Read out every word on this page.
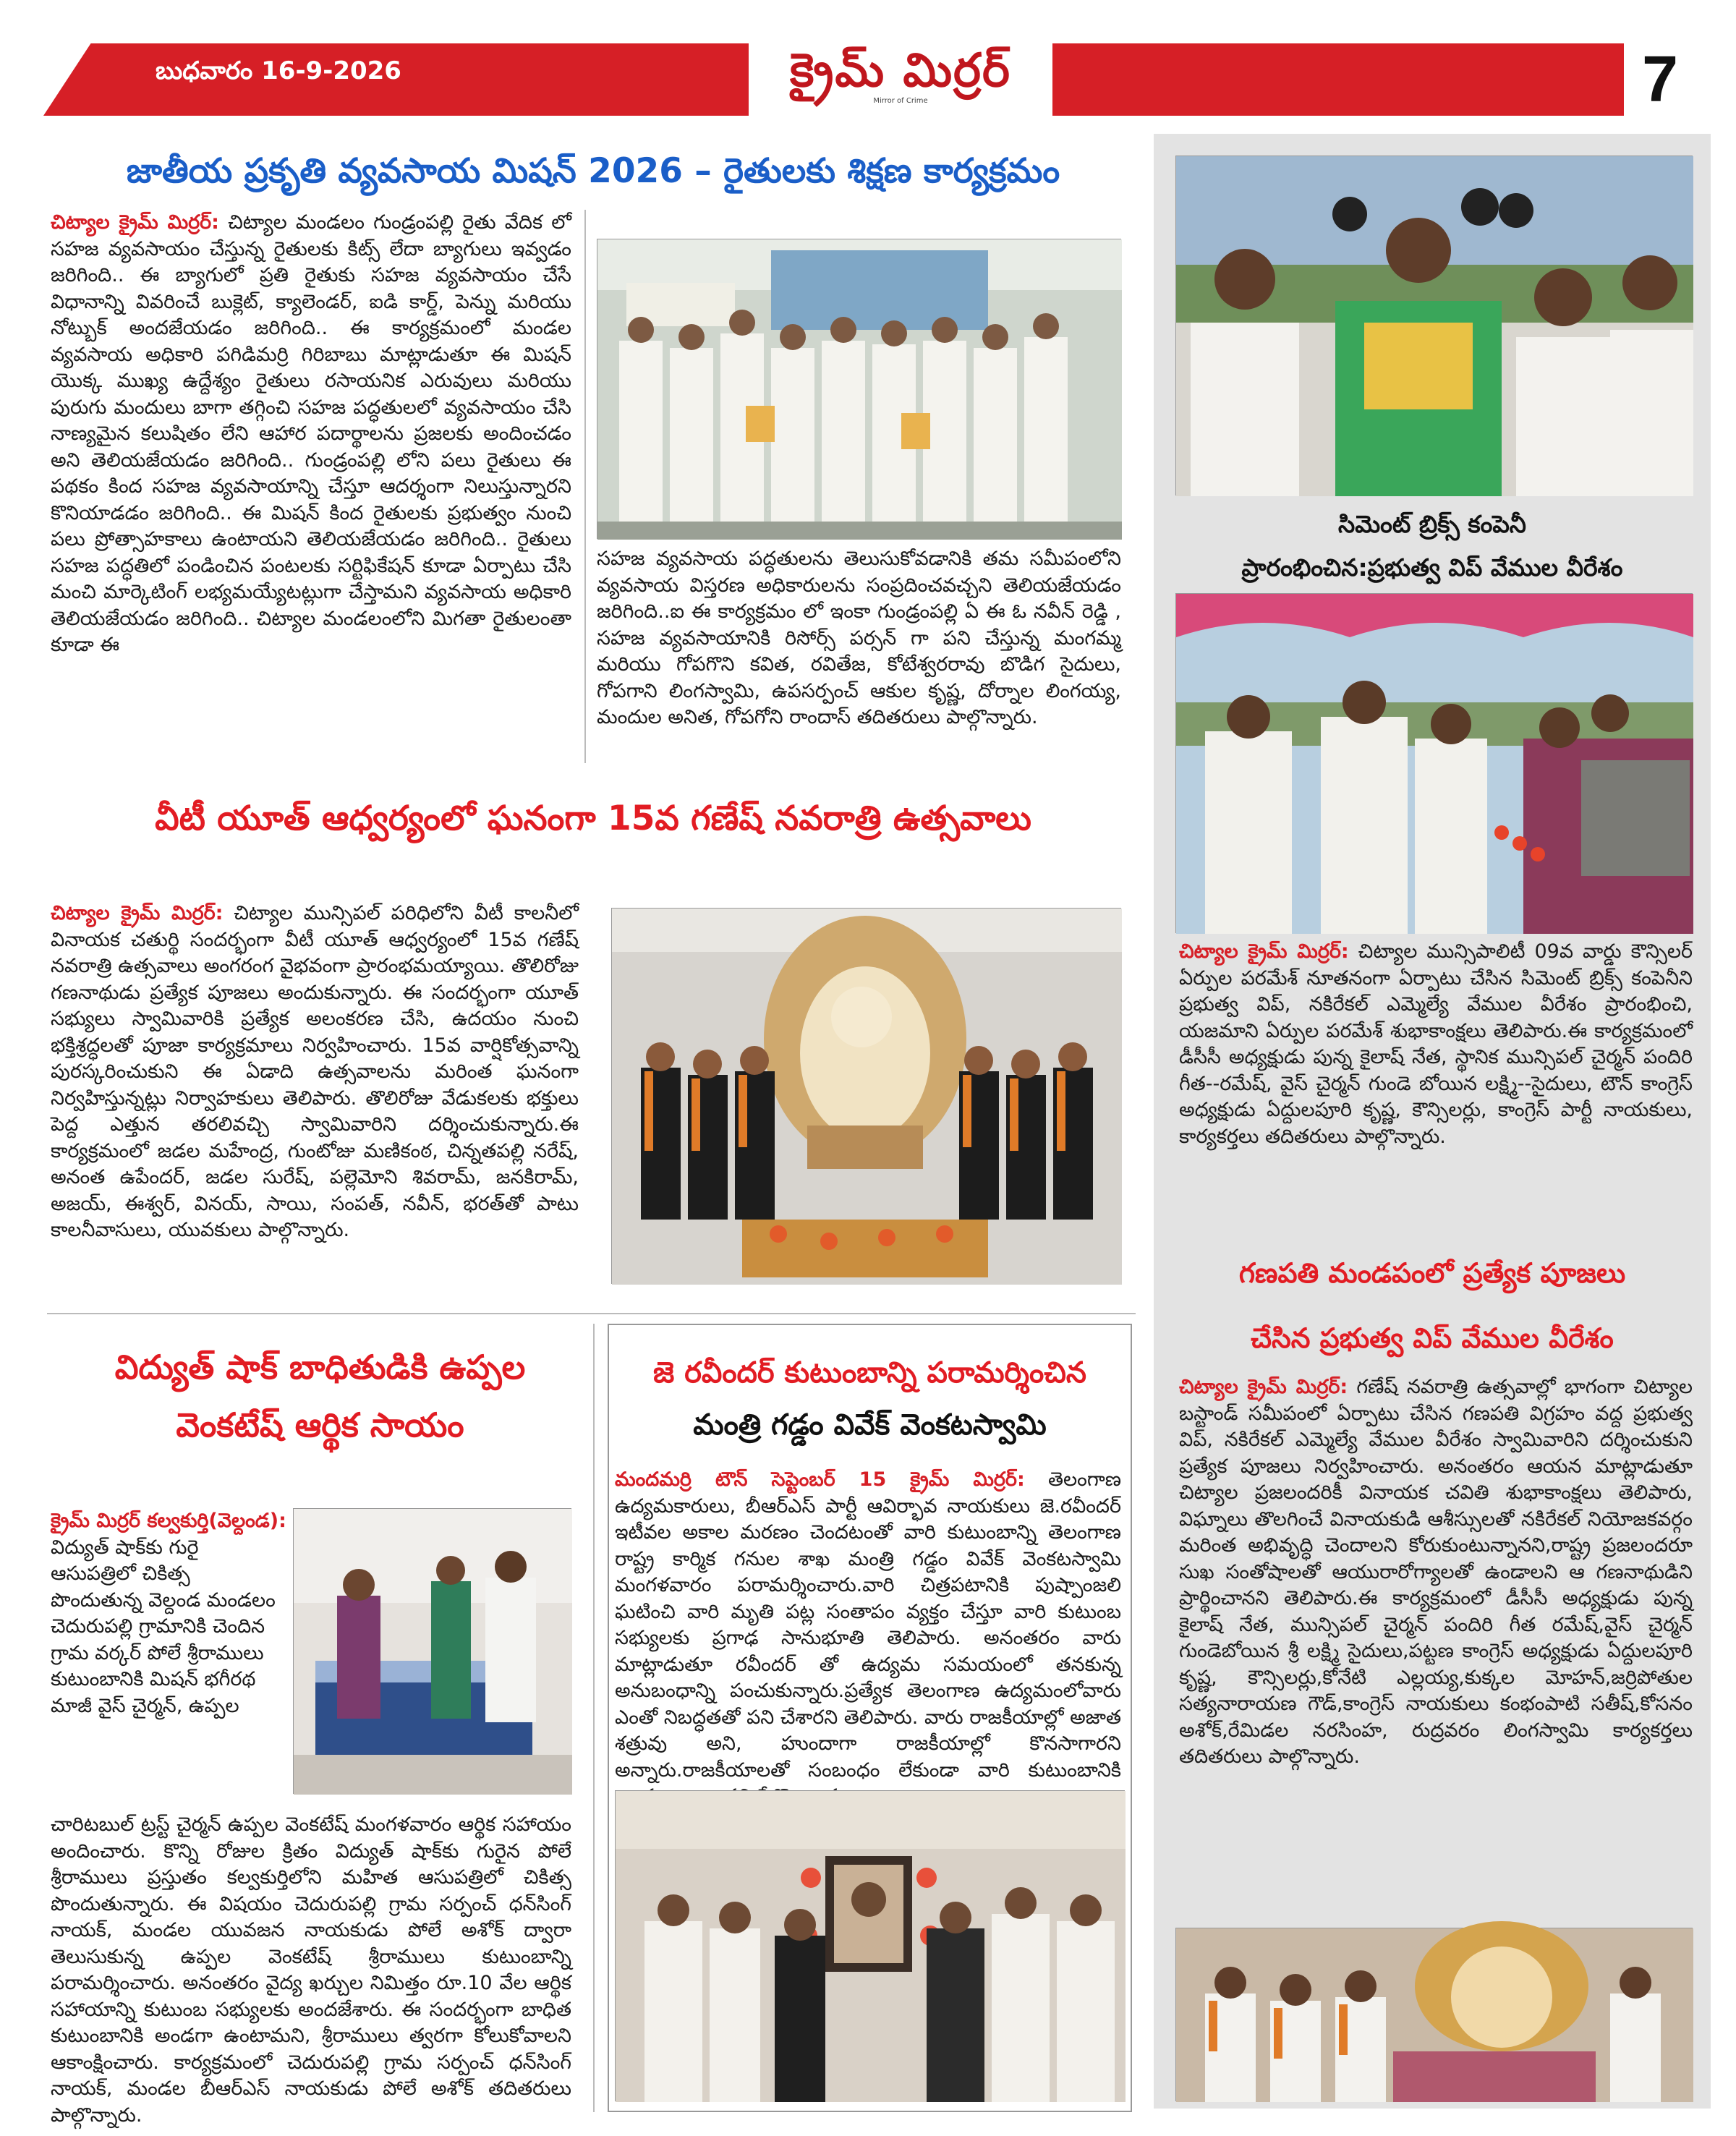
బుధవారం 16-9-2026	క్రైమ్‌ మిర్రర్
Mirror of Crime	7
జాతీయ ప్రకృతి వ్యవసాయ మిషన్ 2026 – రైతులకు శిక్షణ కార్యక్రమం
చిట్యాల క్రైమ్ మిర్రర్: చిట్యాల మండలం గుండ్రంపల్లి రైతు వేదిక లో సహజ వ్యవసాయం చేస్తున్న రైతులకు కిట్స్ లేదా బ్యాగులు ఇవ్వడం జరిగింది.. ఈ బ్యాగులో ప్రతి రైతుకు సహజ వ్యవసాయం చేసే విధానాన్ని వివరించే బుక్లెట్, క్యాలెండర్, ఐడి కార్డ్, పెన్ను మరియు నోట్బుక్ అందజేయడం జరిగింది.. ఈ కార్యక్రమంలో మండల వ్యవసాయ అధికారి పగిడిమర్రి గిరిబాబు మాట్లాడుతూ ఈ మిషన్ యొక్క ముఖ్య ఉద్దేశ్యం రైతులు రసాయనిక ఎరువులు మరియు పురుగు మందులు బాగా తగ్గించి సహజ పద్ధతులలో వ్యవసాయం చేసి నాణ్యమైన కలుషితం లేని ఆహార పదార్థాలను ప్రజలకు అందించడం అని తెలియజేయడం జరిగింది.. గుండ్రంపల్లి లోని పలు రైతులు ఈ పథకం కింద సహజ వ్యవసాయాన్ని చేస్తూ ఆదర్శంగా నిలుస్తున్నారని కొనియాడడం జరిగింది.. ఈ మిషన్ కింద రైతులకు ప్రభుత్వం నుంచి పలు ప్రోత్సాహకాలు ఉంటాయని తెలియజేయడం జరిగింది.. రైతులు సహజ పద్ధతిలో పండించిన పంటలకు సర్టిఫికేషన్ కూడా ఏర్పాటు చేసి మంచి మార్కెటింగ్ లభ్యమయ్యేటట్లుగా చేస్తామని వ్యవసాయ అధికారి తెలియజేయడం జరిగింది.. చిట్యాల మండలంలోని మిగతా రైతులంతా కూడా ఈ
సహజ వ్యవసాయ పద్ధతులను తెలుసుకోవడానికి తమ సమీపంలోని వ్యవసాయ విస్తరణ అధికారులను సంప్రదించవచ్చని తెలియజేయడం జరిగింది..ఐ ఈ కార్యక్రమం లో ఇంకా గుండ్రంపల్లి ఏ ఈ ఓ నవీన్ రెడ్డి , సహజ వ్యవసాయానికి రిసోర్స్ పర్సన్ గా పని చేస్తున్న మంగమ్మ మరియు గోపగొని కవిత, రవితేజ, కోటేశ్వరరావు బొడిగ సైదులు, గోపగాని లింగస్వామి, ఉపసర్పంచ్ ఆకుల కృష్ణ, దోర్నాల లింగయ్య, మందుల అనిత, గోపగోని రాందాస్ తదితరులు పాల్గొన్నారు.
వీటీ యూత్ ఆధ్వర్యంలో ఘనంగా 15వ గణేష్ నవరాత్రి ఉత్సవాలు
చిట్యాల క్రైమ్ మిర్రర్: చిట్యాల మున్సిపల్ పరిధిలోని వీటీ కాలనీలో వినాయక చతుర్థి సందర్భంగా వీటీ యూత్ ఆధ్వర్యంలో 15వ గణేష్ నవరాత్రి ఉత్సవాలు అంగరంగ వైభవంగా ప్రారంభమయ్యాయి. తొలిరోజు గణనాథుడు ప్రత్యేక పూజలు అందుకున్నారు. ఈ సందర్భంగా యూత్ సభ్యులు స్వామివారికి ప్రత్యేక అలంకరణ చేసి, ఉదయం నుంచి భక్తిశ్రద్ధలతో పూజా కార్యక్రమాలు నిర్వహించారు. 15వ వార్షికోత్సవాన్ని పురస్కరించుకుని ఈ ఏడాది ఉత్సవాలను మరింత ఘనంగా నిర్వహిస్తున్నట్లు నిర్వాహకులు తెలిపారు. తొలిరోజు వేడుకలకు భక్తులు పెద్ద ఎత్తున తరలివచ్చి స్వామివారిని దర్శించుకున్నారు.ఈ కార్యక్రమంలో జడల మహేంద్ర, గుంటోజు మణికంఠ, చిన్నతపల్లి నరేష్, అనంత ఉపేందర్, జడల సురేష్, పల్లెమోని శివరామ్, జనకిరామ్, అజయ్, ఈశ్వర్, వినయ్, సాయి, సంపత్, నవీన్, భరత్‌తో పాటు కాలనీవాసులు, యువకులు పాల్గొన్నారు.
విద్యుత్ షాక్ బాధితుడికి ఉప్పల
వెంకటేష్ ఆర్థిక సాయం
క్రైమ్ మిర్రర్ కల్వకుర్తి(వెల్దండ):
విద్యుత్ షాక్‌కు గురై ఆసుపత్రిలో చికిత్స పొందుతున్న వెల్దండ మండలం చెదురుపల్లి గ్రామానికి చెందిన గ్రామ వర్కర్ పోలే శ్రీరాములు కుటుంబానికి మిషన్ భగీరథ మాజీ వైస్ చైర్మన్, ఉప్పల
చారిటబుల్ ట్రస్ట్ చైర్మన్ ఉప్పల వెంకటేష్ మంగళవారం ఆర్థిక సహాయం అందించారు. కొన్ని రోజుల క్రితం విద్యుత్ షాక్‌కు గురైన పోలే శ్రీరాములు ప్రస్తుతం కల్వకుర్తిలోని మహిత ఆసుపత్రిలో చికిత్స పొందుతున్నారు. ఈ విషయం చెదురుపల్లి గ్రామ సర్పంచ్ ధన్‌సింగ్ నాయక్, మండల యువజన నాయకుడు పోలే అశోక్ ద్వారా తెలుసుకున్న ఉప్పల వెంకటేష్ శ్రీరాములు కుటుంబాన్ని పరామర్శించారు. అనంతరం వైద్య ఖర్చుల నిమిత్తం రూ.10 వేల ఆర్థిక సహాయాన్ని కుటుంబ సభ్యులకు అందజేశారు. ఈ సందర్భంగా బాధిత కుటుంబానికి అండగా ఉంటామని, శ్రీరాములు త్వరగా కోలుకోవాలని ఆకాంక్షించారు. కార్యక్రమంలో చెదురుపల్లి గ్రామ సర్పంచ్ ధన్‌సింగ్ నాయక్, మండల బీఆర్ఎస్ నాయకుడు పోలే అశోక్ తదితరులు పాల్గొన్నారు.
జె రవీందర్ కుటుంబాన్ని పరామర్శించిన
మంత్రి గడ్డం వివేక్ వెంకటస్వామి
మందమర్రి టౌన్ సెప్టెంబర్ 15 క్రైమ్ మిర్రర్: తెలంగాణ ఉద్యమకారులు, బీఆర్ఎస్ పార్టీ ఆవిర్భావ నాయకులు జె.రవీందర్ ఇటీవల అకాల మరణం చెందటంతో వారి కుటుంబాన్ని తెలంగాణ రాష్ట్ర కార్మిక గనుల శాఖ మంత్రి గడ్డం వివేక్ వెంకటస్వామి మంగళవారం పరామర్శించారు.వారి చిత్రపటానికి పుష్పాంజలి ఘటించి వారి మృతి పట్ల సంతాపం వ్యక్తం చేస్తూ వారి కుటుంబ సభ్యులకు ప్రగాఢ సానుభూతి తెలిపారు. అనంతరం వారు మాట్లాడుతూ రవీందర్ తో ఉద్యమ సమయంలో తనకున్న అనుబంధాన్ని పంచుకున్నారు.ప్రత్యేక తెలంగాణ ఉద్యమంలోవారు ఎంతో నిబద్ధతతో పని చేశారని తెలిపారు. వారు రాజకీయాల్లో అజాత శత్రువు అని, హుందాగా రాజకీయాల్లో కొనసాగారని అన్నారు.రాజకీయాలతో సంబంధం లేకుండా వారి కుటుంబానికి
సిమెంట్ బ్రిక్స్ కంపెనీ
ప్రారంభించిన:ప్రభుత్వ విప్ వేముల వీరేశం
చిట్యాల క్రైమ్ మిర్రర్: చిట్యాల మున్సిపాలిటీ 09వ వార్డు కౌన్సిలర్ ఏర్పుల పరమేశ్ నూతనంగా ఏర్పాటు చేసిన సిమెంట్ బ్రిక్స్ కంపెనీని ప్రభుత్వ విప్, నకిరేకల్ ఎమ్మెల్యే వేముల వీరేశం ప్రారంభించి, యజమాని ఏర్పుల పరమేశ్ శుభాకాంక్షలు తెలిపారు.ఈ కార్యక్రమంలో డీసీసీ అధ్యక్షుడు పున్న కైలాష్ నేత, స్థానిక మున్సిపల్ చైర్మన్ పందిరి గీత--రమేష్, వైస్ చైర్మన్ గుండె బోయిన లక్ష్మి--సైదులు, టౌన్ కాంగ్రెస్ అధ్యక్షుడు ఏద్దులపూరి కృష్ణ, కౌన్సిలర్లు, కాంగ్రెస్ పార్టీ నాయకులు, కార్యకర్తలు తదితరులు పాల్గొన్నారు.
గణపతి మండపంలో ప్రత్యేక పూజలు
చేసిన ప్రభుత్వ విప్ వేముల వీరేశం
చిట్యాల క్రైమ్ మిర్రర్: గణేష్ నవరాత్రి ఉత్సవాల్లో భాగంగా చిట్యాల బస్టాండ్ సమీపంలో ఏర్పాటు చేసిన గణపతి విగ్రహం వద్ద ప్రభుత్వ విప్, నకిరేకల్ ఎమ్మెల్యే వేముల వీరేశం స్వామివారిని దర్శించుకుని ప్రత్యేక పూజలు నిర్వహించారు. అనంతరం ఆయన మాట్లాడుతూ చిట్యాల ప్రజలందరికీ వినాయక చవితి శుభాకాంక్షలు తెలిపారు, విఘ్నాలు తొలగించే వినాయకుడి ఆశీస్సులతో నకిరేకల్ నియోజకవర్గం మరింత అభివృద్ధి చెందాలని కోరుకుంటున్నానని,రాష్ట్ర ప్రజలందరూ సుఖ సంతోషాలతో ఆయురారోగ్యాలతో ఉండాలని ఆ గణనాథుడిని ప్రార్థించానని తెలిపారు.ఈ కార్యక్రమంలో డీసీసీ అధ్యక్షుడు పున్న కైలాష్ నేత, మున్సిపల్ చైర్మన్ పందిరి గీత రమేష్,వైస్ చైర్మన్ గుండెబోయిన శ్రీ లక్ష్మి సైదులు,పట్టణ కాంగ్రెస్ అధ్యక్షుడు ఏద్దులపూరి కృష్ణ, కౌన్సిలర్లు,కోనేటి ఎల్లయ్య,కుక్కల మోహన్,జర్రిపోతుల సత్యనారాయణ గౌడ్,కాంగ్రెస్ నాయకులు కంభంపాటి సతీష్,కోసనం అశోక్,రేమిడల నరసింహ, రుద్రవరం లింగస్వామి కార్యకర్తలు తదితరులు పాల్గొన్నారు.
